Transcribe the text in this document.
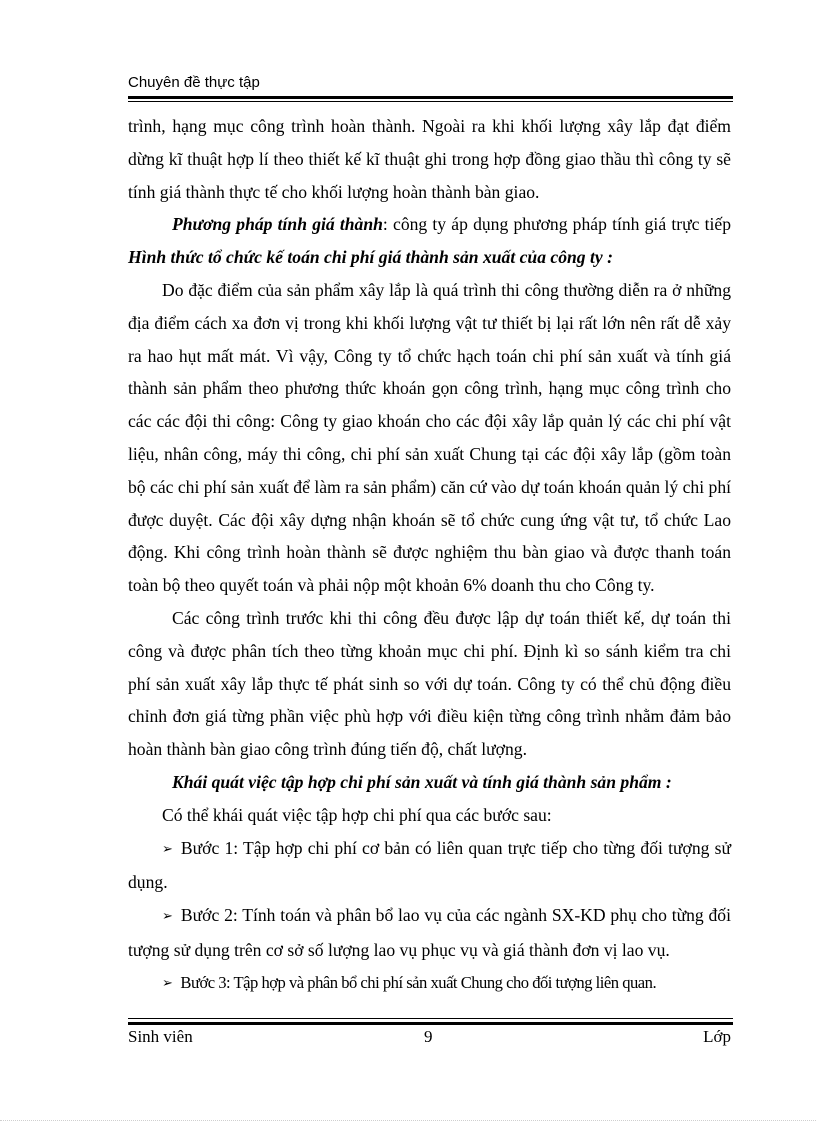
Chuyên đề thực tập

trình, hạng mục công trình hoàn thành. Ngoài ra khi khối lượng xây lắp đạt điểm dừng kĩ thuật hợp lí theo thiết kế kĩ thuật ghi trong hợp đồng giao thầu thì công ty sẽ tính giá thành thực tế cho khối lượng hoàn thành bàn giao.

Phương pháp tính giá thành: công ty áp dụng phương pháp tính giá trực tiếp Hình thức tổ chức kế toán chi phí giá thành sản xuất của công ty :

Do đặc điểm của sản phẩm xây lắp là quá trình thi công thường diễn ra ở những địa điểm cách xa đơn vị trong khi khối lượng vật tư thiết bị lại rất lớn nên rất dễ xảy ra hao hụt mất mát. Vì vậy, Công ty tổ chức hạch toán chi phí sản xuất và tính giá thành sản phẩm theo phương thức khoán gọn công trình, hạng mục công trình cho các các đội thi công: Công ty giao khoán cho các đội xây lắp quản lý các chi phí vật liệu, nhân công, máy thi công, chi phí sản xuất Chung tại các đội xây lắp (gồm toàn bộ các chi phí sản xuất để làm ra sản phẩm) căn cứ vào dự toán khoán quản lý chi phí được duyệt. Các đội xây dựng nhận khoán sẽ tổ chức cung ứng vật tư, tổ chức Lao động. Khi công trình hoàn thành sẽ được nghiệm thu bàn giao và được thanh toán toàn bộ theo quyết toán và phải nộp một khoản 6% doanh thu cho Công ty.

Các công trình trước khi thi công đều được lập dự toán thiết kế, dự toán thi công và được phân tích theo từng khoản mục chi phí. Định kì so sánh kiểm tra chi phí sản xuất xây lắp thực tế phát sinh so với dự toán. Công ty có thể chủ động điều chỉnh đơn giá từng phần việc phù hợp với điều kiện từng công trình nhằm đảm bảo hoàn thành bàn giao công trình đúng tiến độ, chất lượng.

Khái quát việc tập hợp chi phí sản xuất và tính giá thành sản phẩm :

Có thể khái quát việc tập hợp chi phí qua các bước sau:

➢ Bước 1: Tập hợp chi phí cơ bản có liên quan trực tiếp cho từng đối tượng sử dụng.

➢ Bước 2: Tính toán và phân bổ lao vụ của các ngành SX-KD phụ cho từng đối tượng sử dụng trên cơ sở số lượng lao vụ phục vụ và giá thành đơn vị lao vụ.

➢ Bước 3: Tập hợp và phân bổ chi phí sản xuất Chung cho đối tượng liên quan.

Sinh viên	9	Lớp
